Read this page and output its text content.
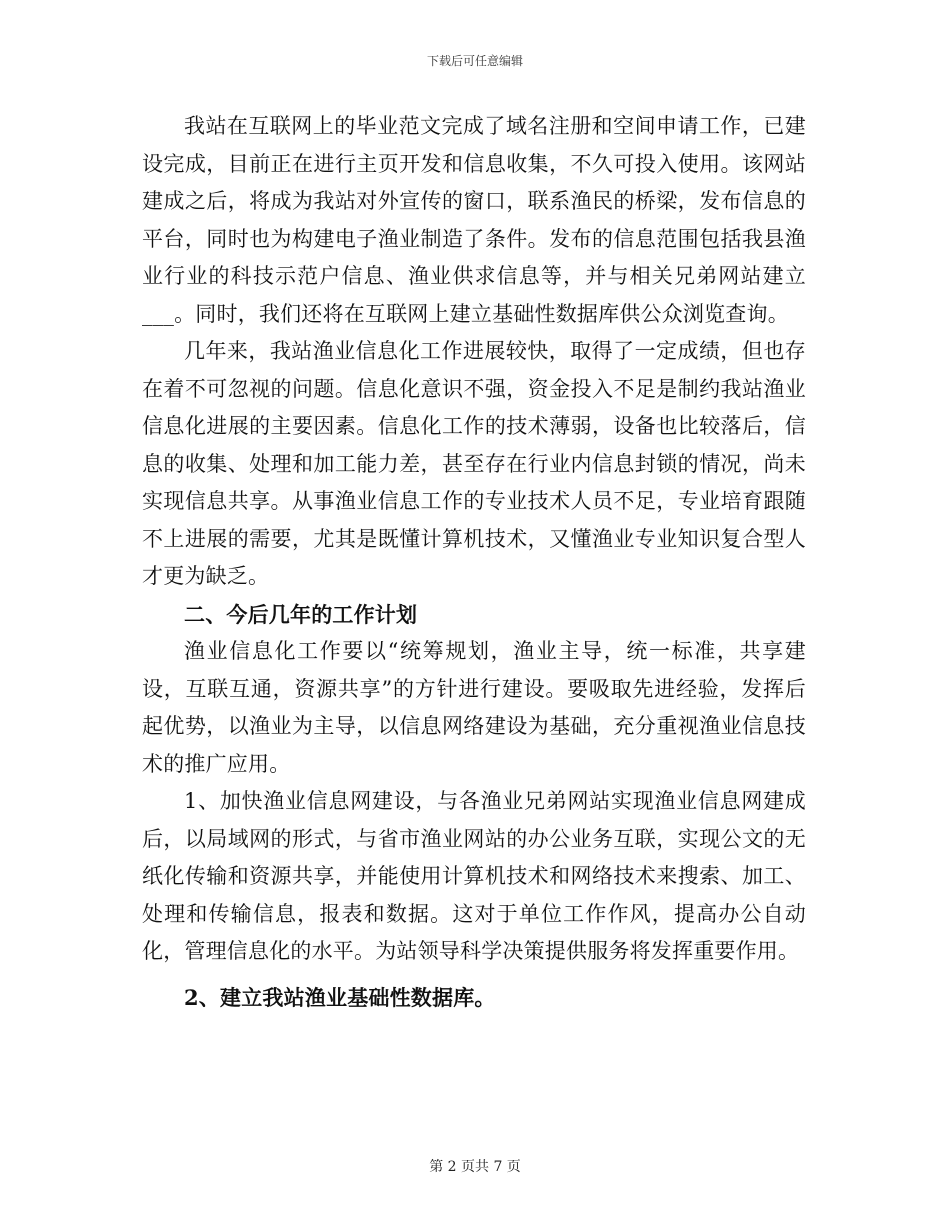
下载后可任意编辑

我站在互联网上的毕业范文完成了域名注册和空间申请工作，已建设完成，目前正在进行主页开发和信息收集，不久可投入使用。该网站建成之后，将成为我站对外宣传的窗口，联系渔民的桥梁，发布信息的平台，同时也为构建电子渔业制造了条件。发布的信息范围包括我县渔业行业的科技示范户信息、渔业供求信息等，并与相关兄弟网站建立___。同时，我们还将在互联网上建立基础性数据库供公众浏览查询。

几年来，我站渔业信息化工作进展较快，取得了一定成绩，但也存在着不可忽视的问题。信息化意识不强，资金投入不足是制约我站渔业信息化进展的主要因素。信息化工作的技术薄弱，设备也比较落后，信息的收集、处理和加工能力差，甚至存在行业内信息封锁的情况，尚未实现信息共享。从事渔业信息工作的专业技术人员不足，专业培育跟随不上进展的需要，尤其是既懂计算机技术，又懂渔业专业知识复合型人才更为缺乏。

二、今后几年的工作计划

渔业信息化工作要以“统筹规划，渔业主导，统一标准，共享建设，互联互通，资源共享”的方针进行建设。要吸取先进经验，发挥后起优势，以渔业为主导，以信息网络建设为基础，充分重视渔业信息技术的推广应用。

1、加快渔业信息网建设，与各渔业兄弟网站实现渔业信息网建成后，以局域网的形式，与省市渔业网站的办公业务互联，实现公文的无纸化传输和资源共享，并能使用计算机技术和网络技术来搜索、加工、处理和传输信息，报表和数据。这对于单位工作作风，提高办公自动化，管理信息化的水平。为站领导科学决策提供服务将发挥重要作用。

2、建立我站渔业基础性数据库。

第 2 页共 7 页
